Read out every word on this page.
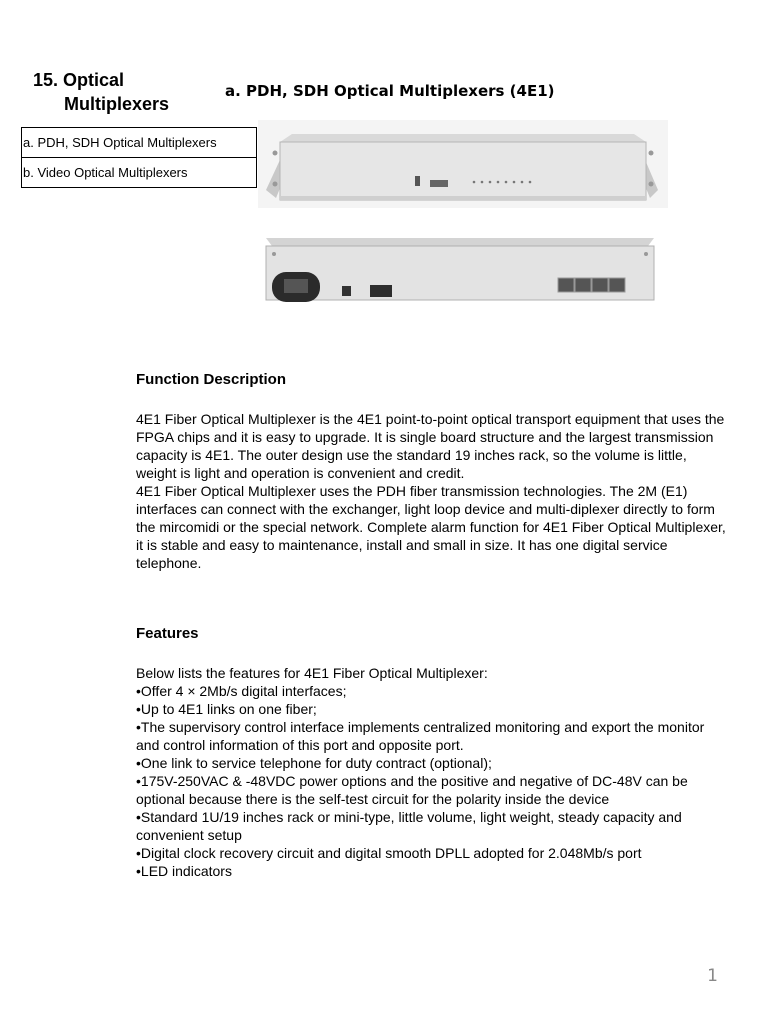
15. Optical
Multiplexers
a. PDH, SDH Optical Multiplexers (4E1)
a. PDH, SDH Optical Multiplexers
b. Video Optical Multiplexers
Function Description

4E1 Fiber Optical Multiplexer is the 4E1 point-to-point optical transport equipment that uses the FPGA chips and it is easy to upgrade. It is single board structure and the largest transmission capacity is 4E1. The outer design use the standard 19 inches rack, so the volume is little, weight is light and operation is convenient and credit.

4E1 Fiber Optical Multiplexer uses the PDH fiber transmission technologies. The 2M (E1) interfaces can connect with the exchanger, light loop device and multi-diplexer directly to form the mircomidi or the special network. Complete alarm function for 4E1 Fiber Optical Multiplexer, it is stable and easy to maintenance, install and small in size. It has one digital service telephone.

Features
Below lists the features for 4E1 Fiber Optical Multiplexer:
•Offer 4 × 2Mb/s digital interfaces;
•Up to 4E1 links on one fiber;
•The supervisory control interface implements centralized monitoring and export the monitor and control information of this port and opposite port.
•One link to service telephone for duty contract (optional);
•175V-250VAC & -48VDC power options and the positive and negative of DC-48V can be optional because there is the self-test circuit for the polarity inside the device
•Standard 1U/19 inches rack or mini-type, little volume, light weight, steady capacity and convenient setup
•Digital clock recovery circuit and digital smooth DPLL adopted for 2.048Mb/s port
•LED indicators
1
